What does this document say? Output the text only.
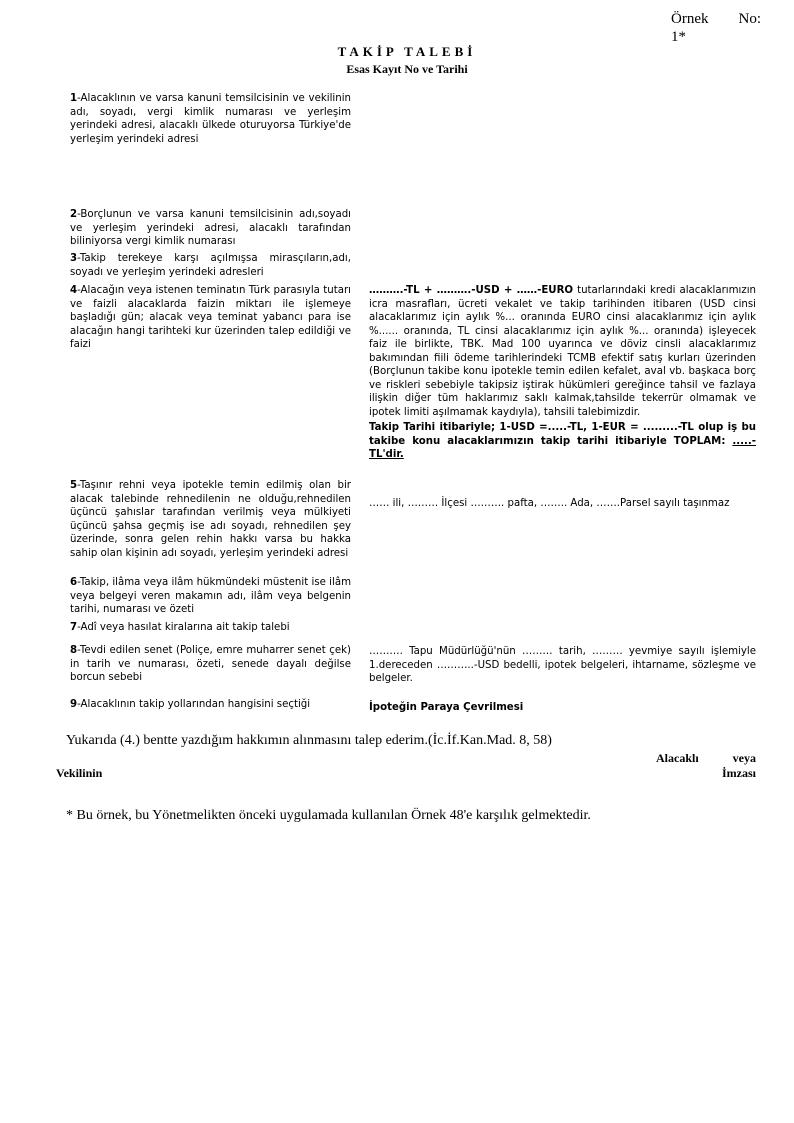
Örnek No:
1*
TAKİP TALEBİ
Esas Kayıt No ve Tarihi
1-Alacaklının ve varsa kanuni temsilcisinin ve vekilinin adı, soyadı, vergi kimlik numarası ve yerleşim yerindeki adresi, alacaklı ülkede oturuyorsa Türkiye'de yerleşim yerindeki adresi
2-Borçlunun ve varsa kanuni temsilcisinin adı,soyadı ve yerleşim yerindeki adresi, alacaklı tarafından biliniyorsa vergi kimlik numarası
3-Takip terekeye karşı açılmışsa mirasçıların,adı, soyadı ve yerleşim yerindeki adresleri
4-Alacağın veya istenen teminatın Türk parasıyla tutarı ve faizli alacaklarda faizin miktarı ile işlemeye başladığı gün; alacak veya teminat yabancı para ise alacağın hangi tarihteki kur üzerinden talep edildiği ve faizi
5-Taşınır rehni veya ipotekle temin edilmiş olan bir alacak talebinde rehnedilenin ne olduğu,rehnedilen üçüncü şahıslar tarafından verilmiş veya mülkiyeti üçüncü şahsa geçmiş ise adı soyadı, rehnedilen şey üzerinde, sonra gelen rehin hakkı varsa bu hakka sahip olan kişinin adı soyadı, yerleşim yerindeki adresi
6-Takip, ilâma veya ilâm hükmündeki müstenit ise ilâm veya belgeyi veren makamın adı, ilâm veya belgenin tarihi, numarası ve özeti
7-Adî veya hasılat kiralarına ait takip talebi
8-Tevdi edilen senet (Poliçe, emre muharrer senet çek) in tarih ve numarası, özeti, senede dayalı değilse borcun sebebi
9-Alacaklının takip yollarından hangisini seçtiği
……….-TL + ……….-USD + ……-EURO tutarlarındaki kredi alacaklarımızın icra masrafları, ücreti vekalet ve takip tarihinden itibaren (USD cinsi alacaklarımız için aylık %... oranında EURO cinsi alacaklarımız için aylık %...... oranında, TL cinsi alacaklarımız için aylık %... oranında) işleyecek faiz ile birlikte, TBK. Mad 100 uyarınca ve döviz cinsli alacaklarımız bakımından fiili ödeme tarihlerindeki TCMB efektif satış kurları üzerinden (Borçlunun takibe konu ipotekle temin edilen kefalet, aval vb. başkaca borç ve riskleri sebebiyle takipsiz iştirak hükümleri gereğince tahsil ve fazlaya ilişkin diğer tüm haklarımız saklı kalmak,tahsilde tekerrür olmamak ve ipotek limiti aşılmamak kaydıyla), tahsili talebimizdir.
Takip Tarihi itibariyle; 1-USD =.....-TL, 1-EUR = .........-TL olup iş bu takibe konu alacaklarımızın takip tarihi itibariyle TOPLAM: .....-TL'dir.
…… ili, ……… İlçesi ………. pafta, …….. Ada, …….Parsel sayılı taşınmaz
………. Tapu Müdürlüğü'nün ……… tarih, ……… yevmiye sayılı işlemiyle 1.dereceden ………..-USD bedelli, ipotek belgeleri, ihtarname, sözleşme ve belgeler.
İpoteğin Paraya Çevrilmesi
Yukarıda (4.) bentte yazdığım hakkımın alınmasını talep ederim.(İc.İf.Kan.Mad. 8, 58)
Alacaklı	veya
Vekilinin	İmzası
* Bu örnek, bu Yönetmelikten önceki uygulamada kullanılan Örnek 48'e karşılık gelmektedir.
